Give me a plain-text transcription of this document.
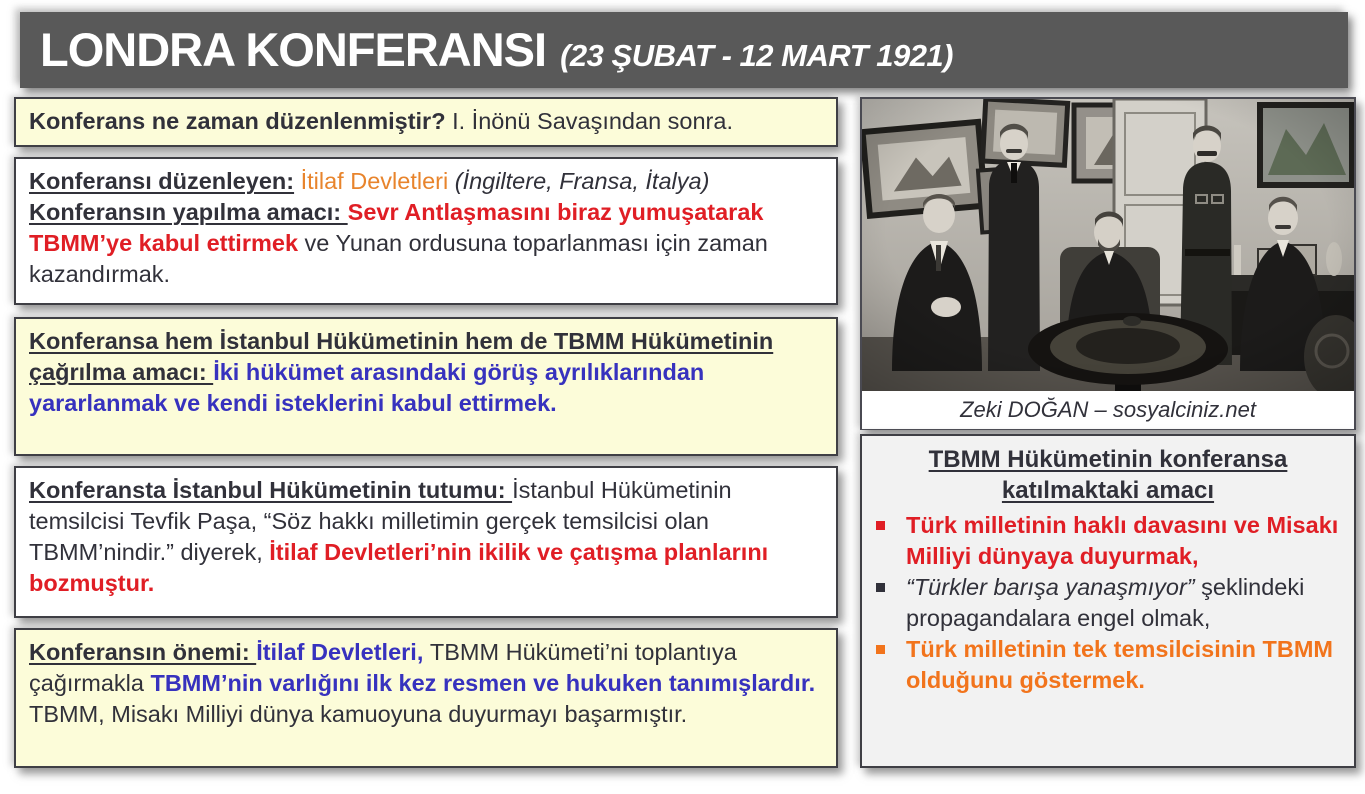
LONDRA KONFERANSI (23 ŞUBAT - 12 MART 1921)

Konferans ne zaman düzenlenmiştir? I. İnönü Savaşından sonra.

Konferansı düzenleyen: İtilaf Devletleri (İngiltere, Fransa, İtalya)

Konferansın yapılma amacı: Sevr Antlaşmasını biraz yumuşatarak TBMM’ye kabul ettirmek ve Yunan ordusuna toparlanması için zaman kazandırmak.

Konferansa hem İstanbul Hükümetinin hem de TBMM Hükümetinin çağrılma amacı: İki hükümet arasındaki görüş ayrılıklarından yararlanmak ve kendi isteklerini kabul ettirmek.

Konferansta İstanbul Hükümetinin tutumu: İstanbul Hükümetinin temsilcisi Tevfik Paşa, “Söz hakkı milletimin gerçek temsilcisi olan TBMM’nindir.” diyerek, İtilaf Devletleri’nin ikilik ve çatışma planlarını bozmuştur.

Konferansın önemi: İtilaf Devletleri, TBMM Hükümeti’ni toplantıya çağırmakla TBMM’nin varlığını ilk kez resmen ve hukuken tanımışlardır.

TBMM, Misakı Milliyi dünya kamuoyuna duyurmayı başarmıştır.

Zeki DOĞAN – sosyalciniz.net
TBMM Hükümetinin konferansa katılmaktaki amacı
Türk milletinin haklı davasını ve Misakı Milliyi dünyaya duyurmak,
“Türkler barışa yanaşmıyor” şeklindeki propagandalara engel olmak,
Türk milletinin tek temsilcisinin TBMM olduğunu göstermek.
